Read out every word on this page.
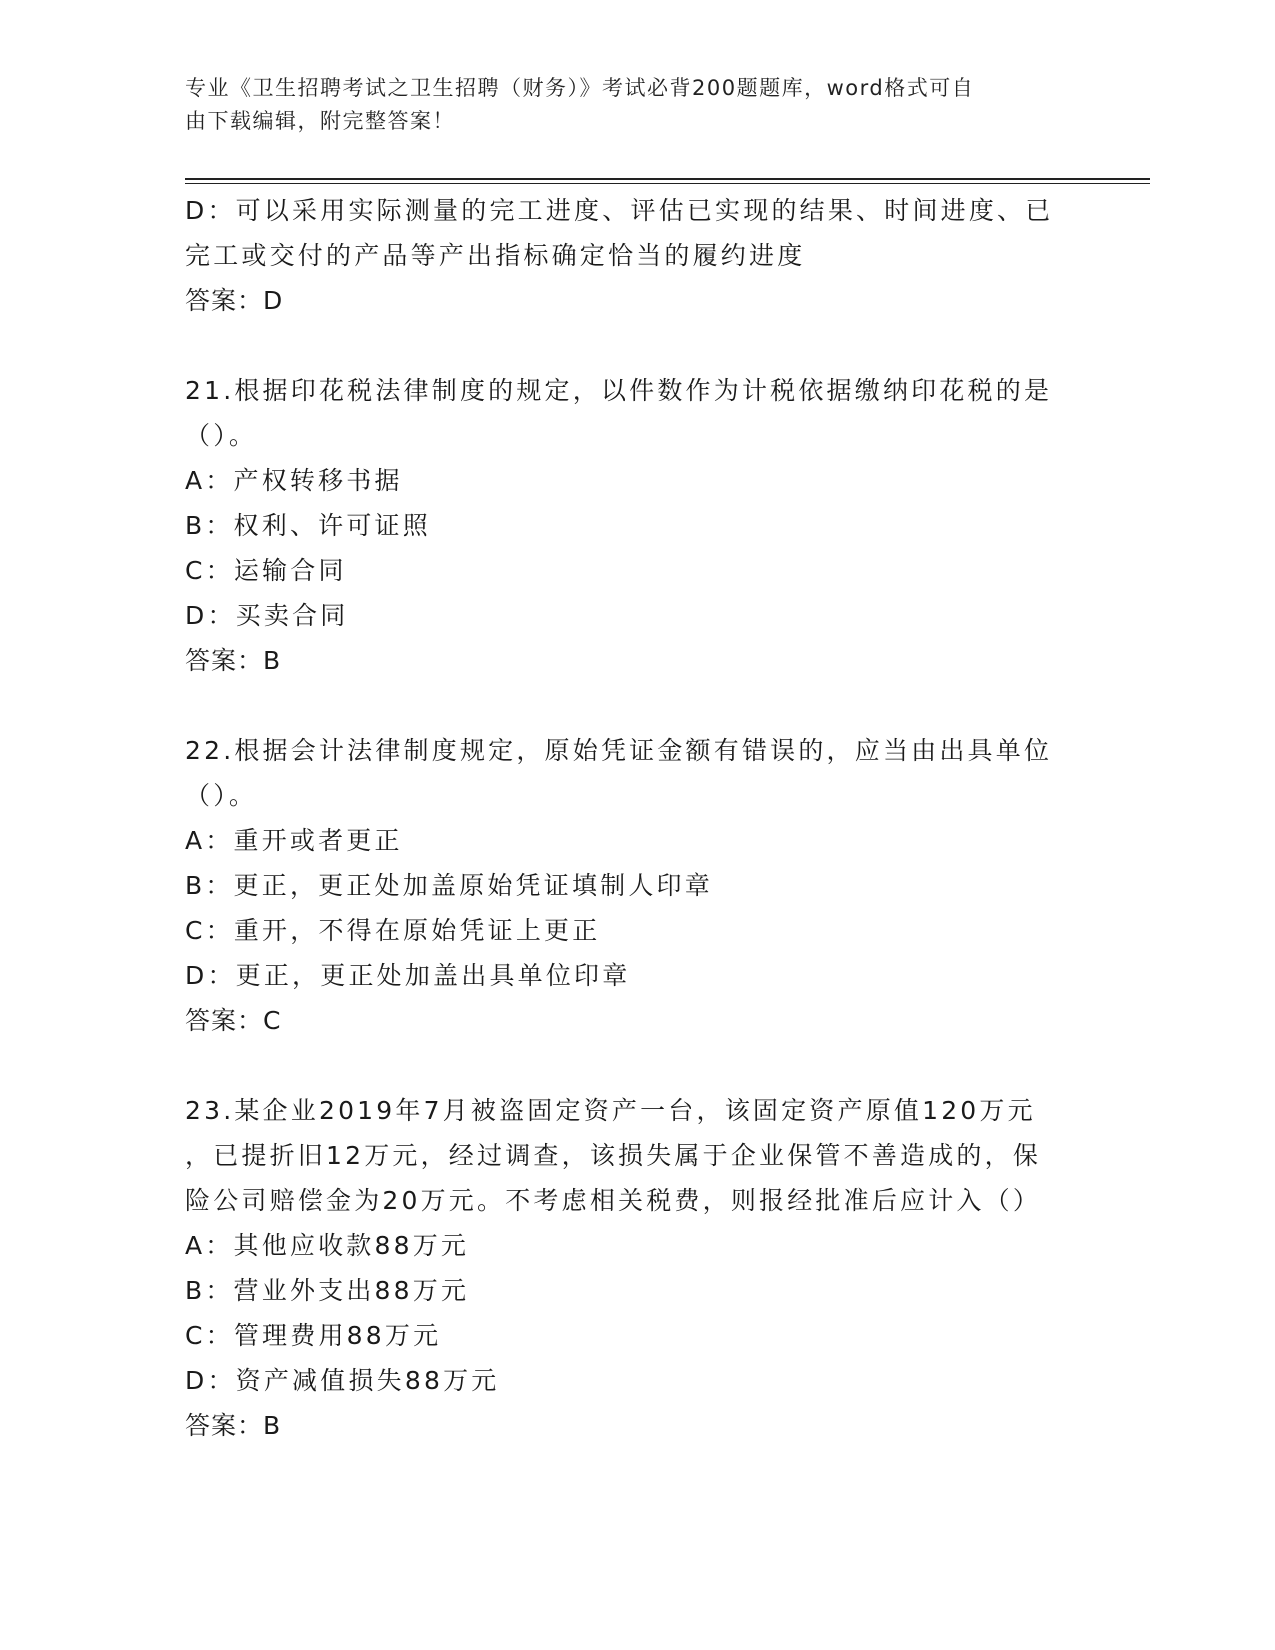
专业《卫生招聘考试之卫生招聘（财务）》考试必背200题题库，word格式可自
由下载编辑，附完整答案！
D：可以采用实际测量的完工进度、评估已实现的结果、时间进度、已
完工或交付的产品等产出指标确定恰当的履约进度
答案：D
21.根据印花税法律制度的规定，以件数作为计税依据缴纳印花税的是
（）。
A：产权转移书据
B：权利、许可证照
C：运输合同
D：买卖合同
答案：B
22.根据会计法律制度规定，原始凭证金额有错误的，应当由出具单位
（）。
A：重开或者更正
B：更正，更正处加盖原始凭证填制人印章
C：重开，不得在原始凭证上更正
D：更正，更正处加盖出具单位印章
答案：C
23.某企业2019年7月被盗固定资产一台，该固定资产原值120万元
，已提折旧12万元，经过调查，该损失属于企业保管不善造成的，保
险公司赔偿金为20万元。不考虑相关税费，则报经批准后应计入（）
A：其他应收款88万元
B：营业外支出88万元
C：管理费用88万元
D：资产减值损失88万元
答案：B
